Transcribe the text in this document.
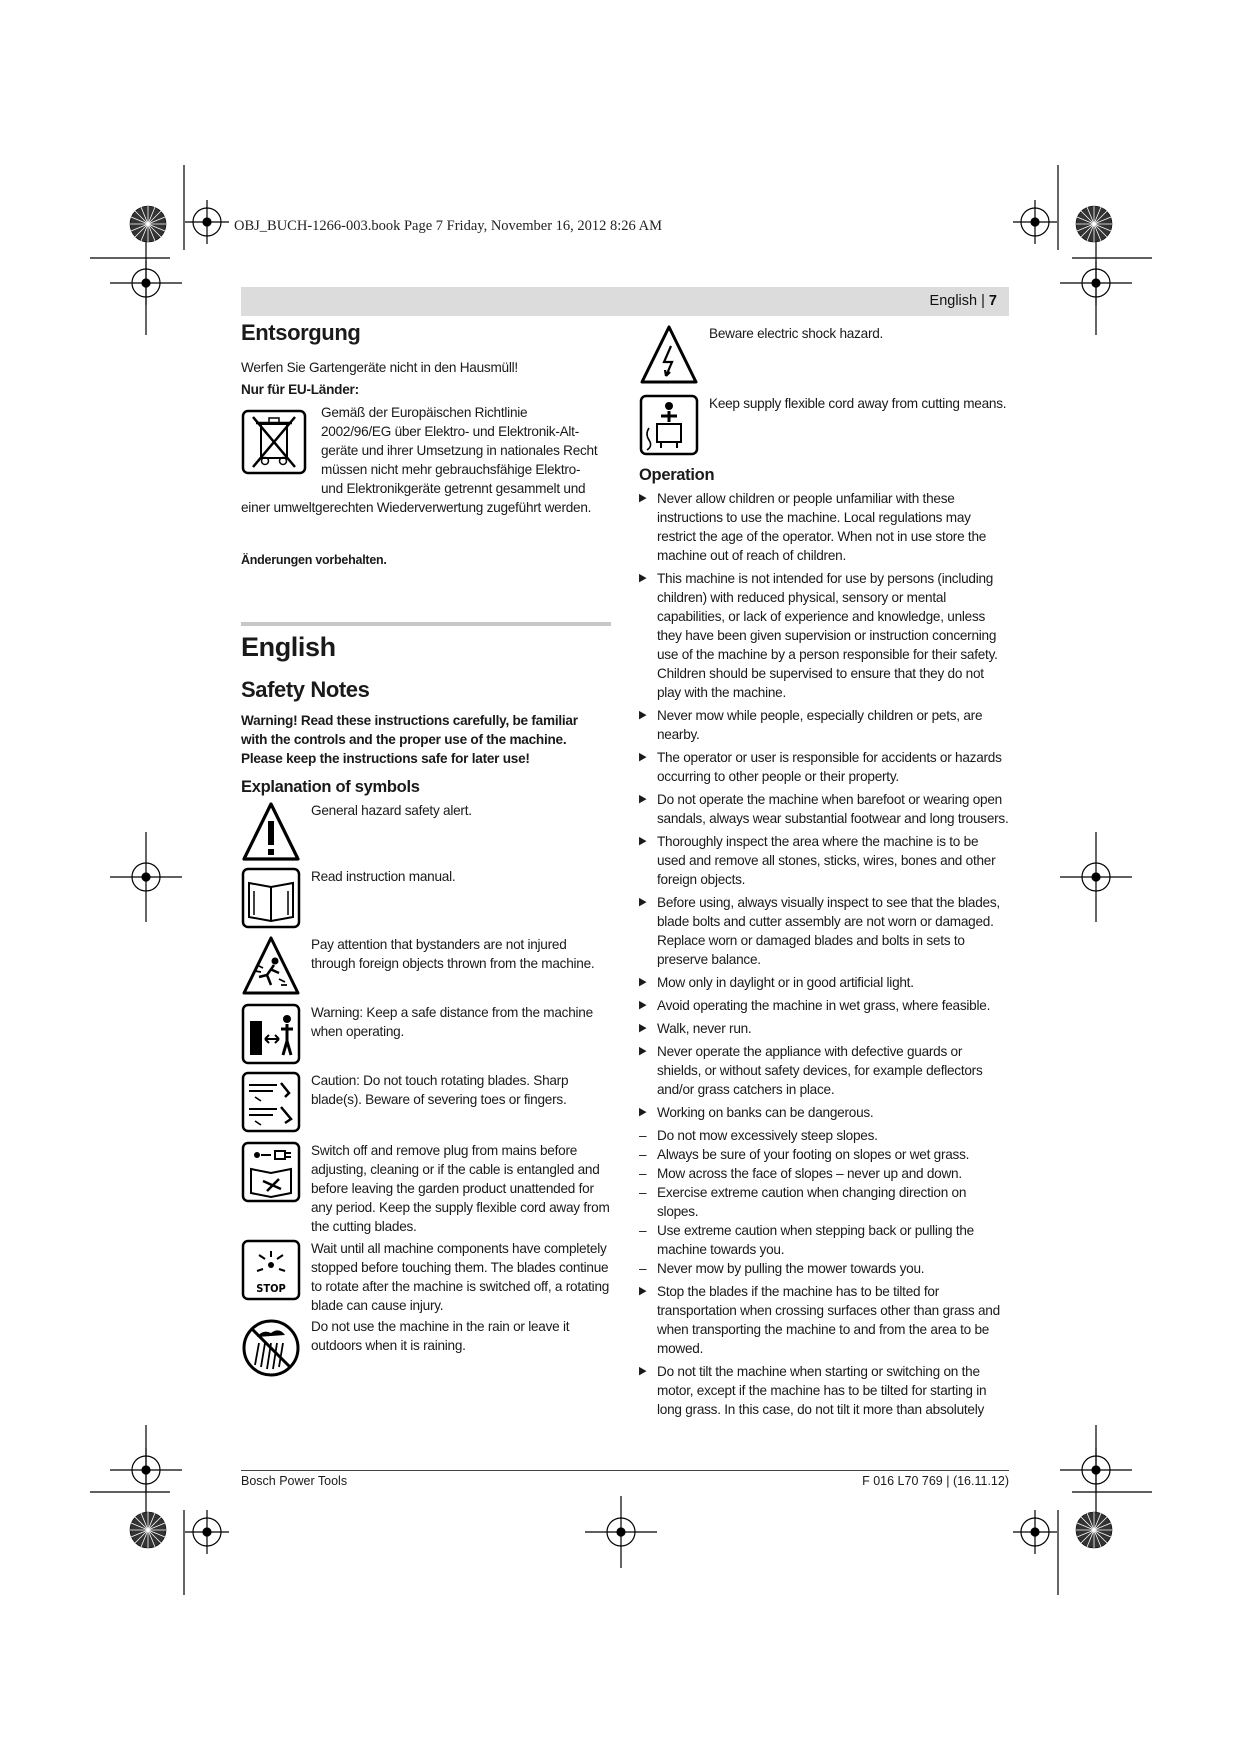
OBJ_BUCH-1266-003.book Page 7 Friday, November 16, 2012 8:26 AM
English | 7
Entsorgung

Werfen Sie Gartengeräte nicht in den Hausmüll!

Nur für EU-Länder:

Gemäß der Europäischen Richtlinie

2002/96/EG über Elektro- und Elektronik-Alt-

geräte und ihrer Umsetzung in nationales Recht

müssen nicht mehr gebrauchsfähige Elektro-

und Elektronikgeräte getrennt gesammelt und

einer umweltgerechten Wiederverwertung zugeführt werden.

Änderungen vorbehalten.

English
Safety Notes

Warning! Read these instructions carefully, be familiar

with the controls and the proper use of the machine.

Please keep the instructions safe for later use!

Explanation of symbols
General hazard safety alert.
Read instruction manual.
Pay attention that bystanders are not injured through foreign objects thrown from the machine.
Warning: Keep a safe distance from the machine when operating.
Caution: Do not touch rotating blades. Sharp blade(s). Beware of severing toes or fingers.
Switch off and remove plug from mains before adjusting, cleaning or if the cable is entangled and before leaving the garden product unattended for any period. Keep the supply flexible cord away from the cutting blades.
STOP
Wait until all machine components have completely stopped before touching them. The blades continue to rotate after the machine is switched off, a rotating blade can cause injury.
Do not use the machine in the rain or leave it outdoors when it is raining.
Beware electric shock hazard.
Keep supply flexible cord away from cutting means.
Operation
▶ Never allow children or people unfamiliar with these instructions to use the machine. Local regulations may restrict the age of the operator. When not in use store the machine out of reach of children.
▶ This machine is not intended for use by persons (including children) with reduced physical, sensory or mental capabilities, or lack of experience and knowledge, unless they have been given supervision or instruction concerning use of the machine by a person responsible for their safety. Children should be supervised to ensure that they do not play with the machine.
▶ Never mow while people, especially children or pets, are nearby.
▶ The operator or user is responsible for accidents or hazards occurring to other people or their property.
▶ Do not operate the machine when barefoot or wearing open sandals, always wear substantial footwear and long trousers.
▶ Thoroughly inspect the area where the machine is to be used and remove all stones, sticks, wires, bones and other foreign objects.
▶ Before using, always visually inspect to see that the blades, blade bolts and cutter assembly are not worn or damaged. Replace worn or damaged blades and bolts in sets to preserve balance.
▶ Mow only in daylight or in good artificial light.
▶ Avoid operating the machine in wet grass, where feasible.
▶ Walk, never run.
▶ Never operate the appliance with defective guards or shields, or without safety devices, for example deflectors and/or grass catchers in place.
▶ Working on banks can be dangerous.
– Do not mow excessively steep slopes.
– Always be sure of your footing on slopes or wet grass.
– Mow across the face of slopes – never up and down.
– Exercise extreme caution when changing direction on slopes.
– Use extreme caution when stepping back or pulling the machine towards you.
– Never mow by pulling the mower towards you.
▶ Stop the blades if the machine has to be tilted for transportation when crossing surfaces other than grass and when transporting the machine to and from the area to be mowed.
▶ Do not tilt the machine when starting or switching on the motor, except if the machine has to be tilted for starting in long grass. In this case, do not tilt it more than absolutely
Bosch Power Tools	F 016 L70 769 | (16.11.12)
